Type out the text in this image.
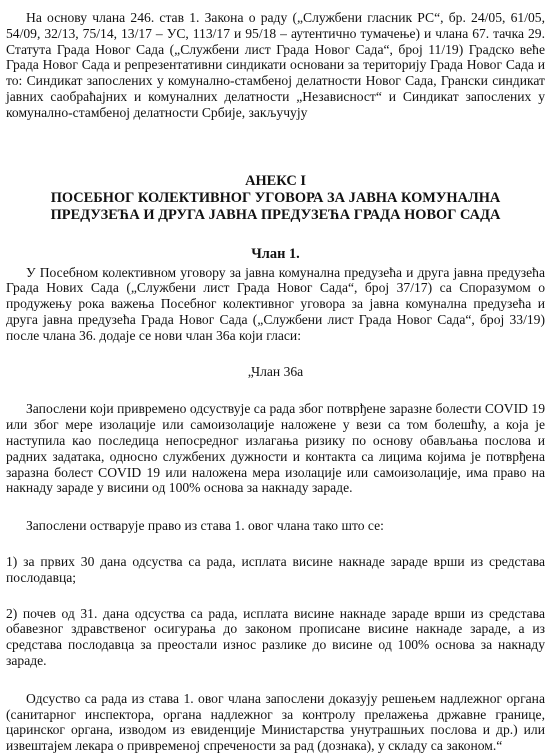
На основу члана 246. став 1. Закона о раду („Службени гласник РС“, бр. 24/05, 61/05, 54/09, 32/13, 75/14, 13/17 – УС, 113/17 и 95/18 – аутентично тумачење) и члана 67. тачка 29. Статута Града Новог Сада („Службени лист Града Новог Сада“, број 11/19) Градско веће Града Новог Сада и репрезентативни синдикати основани за територију Града Новог Сада и то: Синдикат запослених у комунално-стамбеној делатности Новог Сада, Грански синдикат јавних саобраћајних и комуналних делатности „Независност“ и Синдикат запослених у комунално-стамбеној делатности Србије, закључују

АНЕКС I

ПОСЕБНОГ КОЛЕКТИВНОГ УГОВОРА ЗА ЈАВНА КОМУНАЛНА ПРЕДУЗЕЋА И ДРУГА ЈАВНА ПРЕДУЗЕЋА ГРАДА НОВОГ САДА

Члан 1.

У Посебном колективном уговору за јавна комунална предузећа и друга јавна предузећа Града Нових Сада („Службени лист Града Новог Сада“, број 37/17) са Споразумом о продужењу рока важења Посебног колективног уговора за јавна комунална предузећа и друга јавна предузећа Града Новог Сада („Службени лист Града Новог Сада“, број 33/19) после члана 36. додаје се нови члан 36а који гласи:

„Члан 36а

Запослени који привремено одсуствује са рада због потврђене заразне болести COVID 19 или због мере изолације или самоизолације наложене у вези са том болешћу, а која је наступила као последица непосредног излагања ризику по основу обављања послова и радних задатака, односно службених дужности и контакта са лицима којима је потврђена заразна болест COVID 19 или наложена мера изолације или самоизолације, има право на накнаду зараде у висини од 100% основа за накнаду зараде.

Запослени остварује право из става 1. овог члана тако што се:

1) за првих 30 дана одсуства са рада, исплата висине накнаде зараде врши из средстава послодавца;

2) почев од 31. дана одсуства са рада, исплата висине накнаде зараде врши из средстава обавезног здравственог осигурања до законом прописане висине накнаде зараде, а из средстава послодавца за преостали износ разлике до висине од 100% основа за накнаду зараде.

Одсуство са рада из става 1. овог члана запослени доказују решењем надлежног органа (санитарног инспектора, органа надлежног за контролу прелажења државне границе, царинског органа, изводом из евиденције Министарства унутрашњих послова и др.) или извештајем лекара о привременој спречености за рад (дознака), у складу са законом.“
